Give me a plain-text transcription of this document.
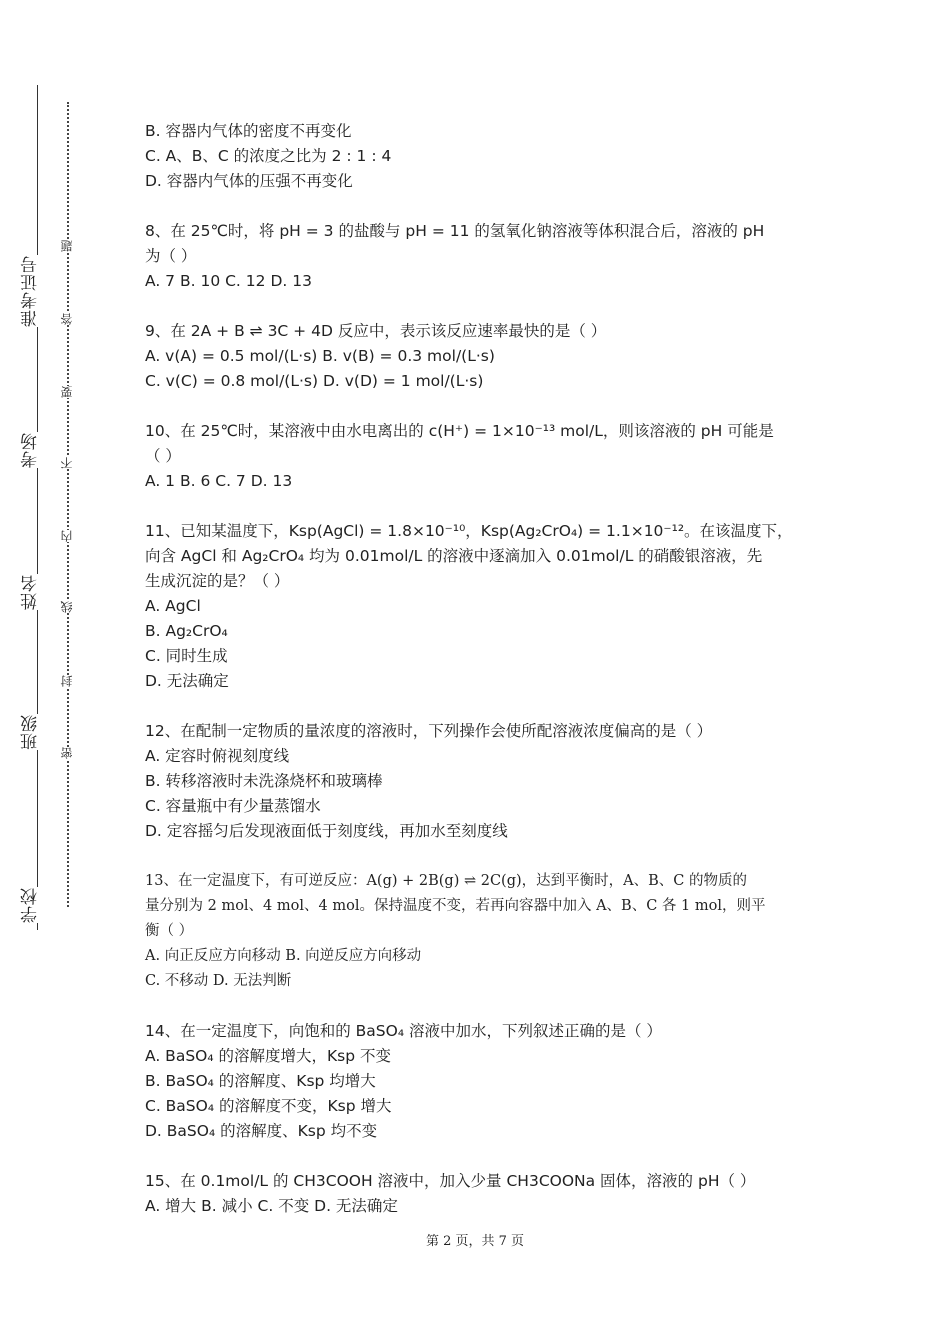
准考证号
考场
姓名
班级
学校
题
答
要
不
内
线
封
密
B. 容器内气体的密度不再变化
C. A、B、C 的浓度之比为 2 : 1 : 4
D. 容器内气体的压强不再变化
8、在 25℃时，将 pH = 3 的盐酸与 pH = 11 的氢氧化钠溶液等体积混合后，溶液的 pH
为（ ）
A. 7 B. 10 C. 12 D. 13
9、在 2A + B ⇌ 3C + 4D 反应中，表示该反应速率最快的是（ ）
A. v(A) = 0.5 mol/(L·s) B. v(B) = 0.3 mol/(L·s)
C. v(C) = 0.8 mol/(L·s) D. v(D) = 1 mol/(L·s)
10、在 25℃时，某溶液中由水电离出的 c(H⁺) = 1×10⁻¹³ mol/L，则该溶液的 pH 可能是
（ ）
A. 1 B. 6 C. 7 D. 13
11、已知某温度下，Ksp(AgCl) = 1.8×10⁻¹⁰，Ksp(Ag₂CrO₄) = 1.1×10⁻¹²。在该温度下，
向含 AgCl 和 Ag₂CrO₄ 均为 0.01mol/L 的溶液中逐滴加入 0.01mol/L 的硝酸银溶液，先
生成沉淀的是？（ ）
A. AgCl
B. Ag₂CrO₄
C. 同时生成
D. 无法确定
12、在配制一定物质的量浓度的溶液时，下列操作会使所配溶液浓度偏高的是（ ）
A. 定容时俯视刻度线
B. 转移溶液时未洗涤烧杯和玻璃棒
C. 容量瓶中有少量蒸馏水
D. 定容摇匀后发现液面低于刻度线，再加水至刻度线
13、在一定温度下，有可逆反应：A(g) + 2B(g) ⇌ 2C(g)，达到平衡时，A、B、C 的物质的
量分别为 2 mol、4 mol、4 mol。保持温度不变，若再向容器中加入 A、B、C 各 1 mol，则平
衡（ ）
A. 向正反应方向移动 B. 向逆反应方向移动
C. 不移动 D. 无法判断
14、在一定温度下，向饱和的 BaSO₄ 溶液中加水，下列叙述正确的是（ ）
A. BaSO₄ 的溶解度增大，Ksp 不变
B. BaSO₄ 的溶解度、Ksp 均增大
C. BaSO₄ 的溶解度不变，Ksp 增大
D. BaSO₄ 的溶解度、Ksp 均不变
15、在 0.1mol/L 的 CH3COOH 溶液中，加入少量 CH3COONa 固体，溶液的 pH（ ）
A. 增大 B. 减小 C. 不变 D. 无法确定
第 2 页，共 7 页
